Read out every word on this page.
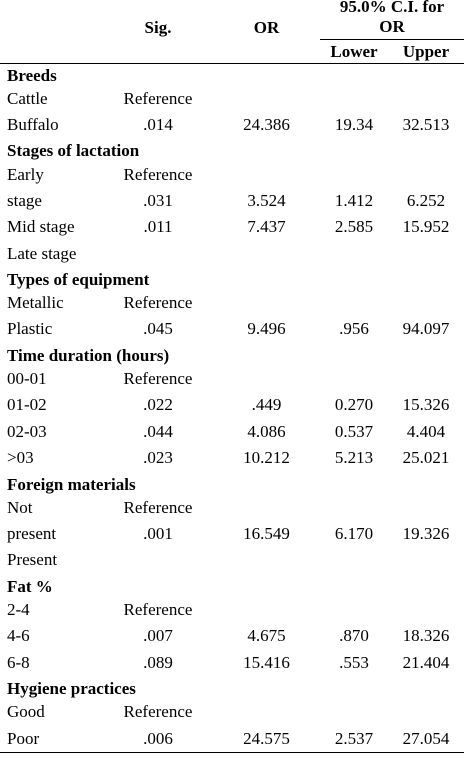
Sig.	OR
95.0% C.I. for
OR
Lower	Upper
Breeds
Cattle	Reference
Buffalo	.014	24.386	19.34	32.513
Stages of lactation
Early	Reference
stage	.031	3.524	1.412	6.252
Mid stage	.011	7.437	2.585	15.952
Late stage
Types of equipment
Metallic	Reference
Plastic	.045	9.496	.956	94.097
Time duration (hours)
00-01	Reference
01-02	.022	.449	0.270	15.326
02-03	.044	4.086	0.537	4.404
>03	.023	10.212	5.213	25.021
Foreign materials
Not	Reference
present	.001	16.549	6.170	19.326
Present
Fat %
2-4	Reference
4-6	.007	4.675	.870	18.326
6-8	.089	15.416	.553	21.404
Hygiene practices
Good	Reference
Poor	.006	24.575	2.537	27.054
